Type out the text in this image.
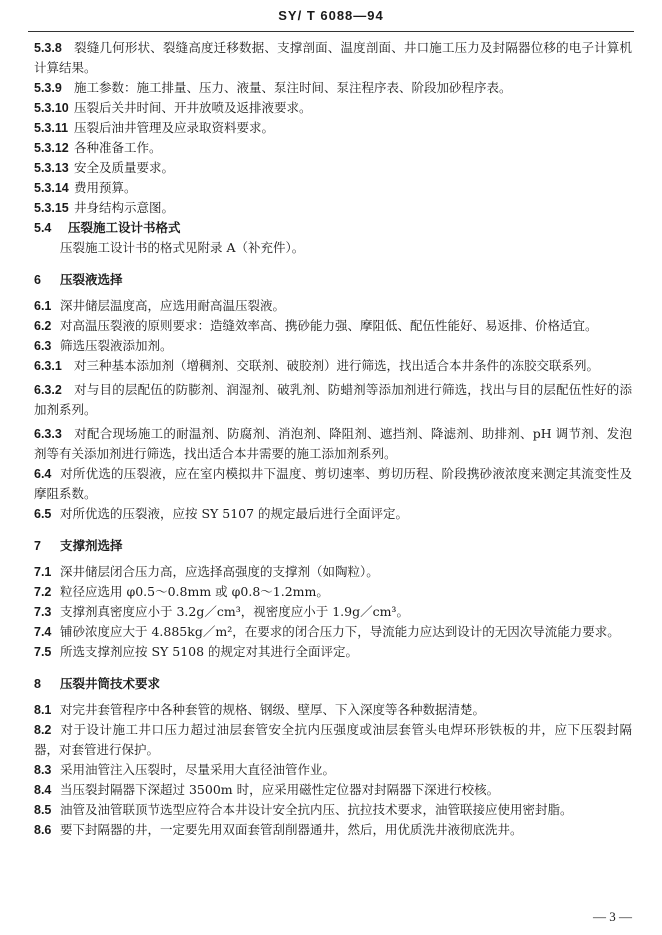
SY/ T 6088—94

5.3.8 裂缝几何形状、裂缝高度迁移数据、支撑剖面、温度剖面、井口施工压力及封隔器位移的电子计算机计算结果。

5.3.9 施工参数：施工排量、压力、液量、泵注时间、泵注程序表、阶段加砂程序表。

5.3.10 压裂后关井时间、开井放喷及返排液要求。

5.3.11 压裂后油井管理及应录取资料要求。

5.3.12 各种准备工作。

5.3.13 安全及质量要求。

5.3.14 费用预算。

5.3.15 井身结构示意图。

5.4 压裂施工设计书格式

压裂施工设计书的格式见附录 A（补充件）。

6 压裂液选择

6.1 深井储层温度高，应选用耐高温压裂液。

6.2 对高温压裂液的原则要求：造缝效率高、携砂能力强、摩阻低、配伍性能好、易返排、价格适宜。

6.3 筛选压裂液添加剂。

6.3.1 对三种基本添加剂（增稠剂、交联剂、破胶剂）进行筛选，找出适合本井条件的冻胶交联系列。

6.3.2 对与目的层配伍的防膨剂、润湿剂、破乳剂、防蜡剂等添加剂进行筛选，找出与目的层配伍性好的添加剂系列。

6.3.3 对配合现场施工的耐温剂、防腐剂、消泡剂、降阻剂、遮挡剂、降滤剂、助排剂、pH 调节剂、发泡剂等有关添加剂进行筛选，找出适合本井需要的施工添加剂系列。

6.4 对所优选的压裂液，应在室内模拟井下温度、剪切速率、剪切历程、阶段携砂液浓度来测定其流变性及摩阻系数。

6.5 对所优选的压裂液，应按 SY 5107 的规定最后进行全面评定。

7 支撑剂选择

7.1 深井储层闭合压力高，应选择高强度的支撑剂（如陶粒）。

7.2 粒径应选用 φ0.5～0.8mm 或 φ0.8～1.2mm。

7.3 支撑剂真密度应小于 3.2g／cm³，视密度应小于 1.9g／cm³。

7.4 铺砂浓度应大于 4.885kg／m²，在要求的闭合压力下，导流能力应达到设计的无因次导流能力要求。

7.5 所选支撑剂应按 SY 5108 的规定对其进行全面评定。

8 压裂井筒技术要求

8.1 对完井套管程序中各种套管的规格、钢级、壁厚、下入深度等各种数据清楚。

8.2 对于设计施工井口压力超过油层套管安全抗内压强度或油层套管头电焊环形铁板的井，应下压裂封隔器，对套管进行保护。

8.3 采用油管注入压裂时，尽量采用大直径油管作业。

8.4 当压裂封隔器下深超过 3500m 时，应采用磁性定位器对封隔器下深进行校核。

8.5 油管及油管联顶节选型应符合本井设计安全抗内压、抗拉技术要求，油管联接应使用密封脂。

8.6 要下封隔器的井，一定要先用双面套管刮削器通井，然后，用优质洗井液彻底洗井。

— 3 —
